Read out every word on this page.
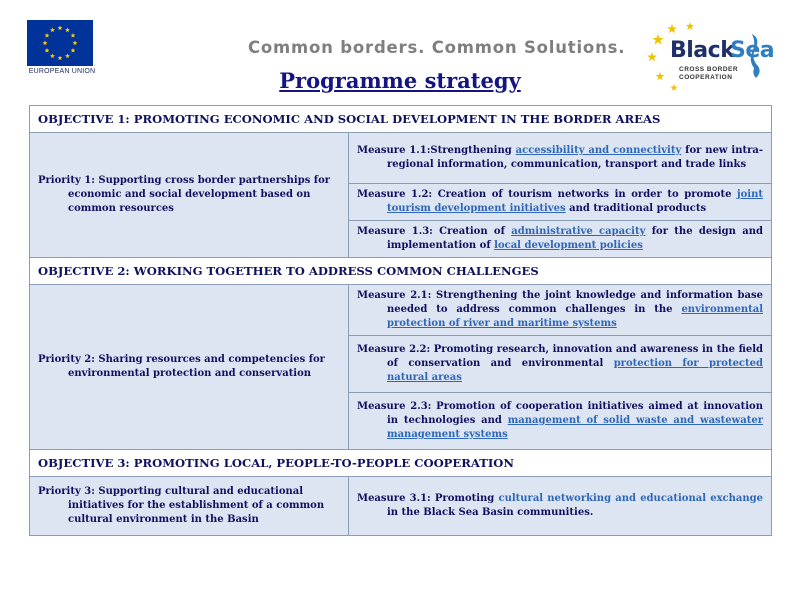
EUROPEAN UNION
Common borders. Common Solutions.
Programme strategy
Black
Sea
CROSS BORDER
COOPERATION
OBJECTIVE 1: PROMOTING ECONOMIC AND SOCIAL DEVELOPMENT IN THE BORDER AREAS	

Priority 1: Supporting cross border partnerships for economic and social development based on common resources	Measure 1.1:Strengthening accessibility and connectivity for new intra-regional information, communication, transport and trade links

	Measure 1.2: Creation of tourism networks in order to promote joint tourism development initiatives and traditional products

	Measure 1.3: Creation of administrative capacity for the design and implementation of local development policies

OBJECTIVE 2: WORKING TOGETHER TO ADDRESS COMMON CHALLENGES	

Priority 2: Sharing resources and competencies for environmental protection and conservation	Measure 2.1: Strengthening the joint knowledge and information base needed to address common challenges in the environmental protection of river and maritime systems

	Measure 2.2: Promoting research, innovation and awareness in the field of conservation and environmental protection for protected natural areas

	Measure 2.3: Promotion of cooperation initiatives aimed at innovation in technologies and management of solid waste and wastewater management systems

OBJECTIVE 3: PROMOTING LOCAL, PEOPLE-TO-PEOPLE COOPERATION	

Priority 3: Supporting cultural and educational initiatives for the establishment of a common cultural environment in the Basin	Measure 3.1: Promoting cultural networking and educational exchange in the Black Sea Basin communities.
